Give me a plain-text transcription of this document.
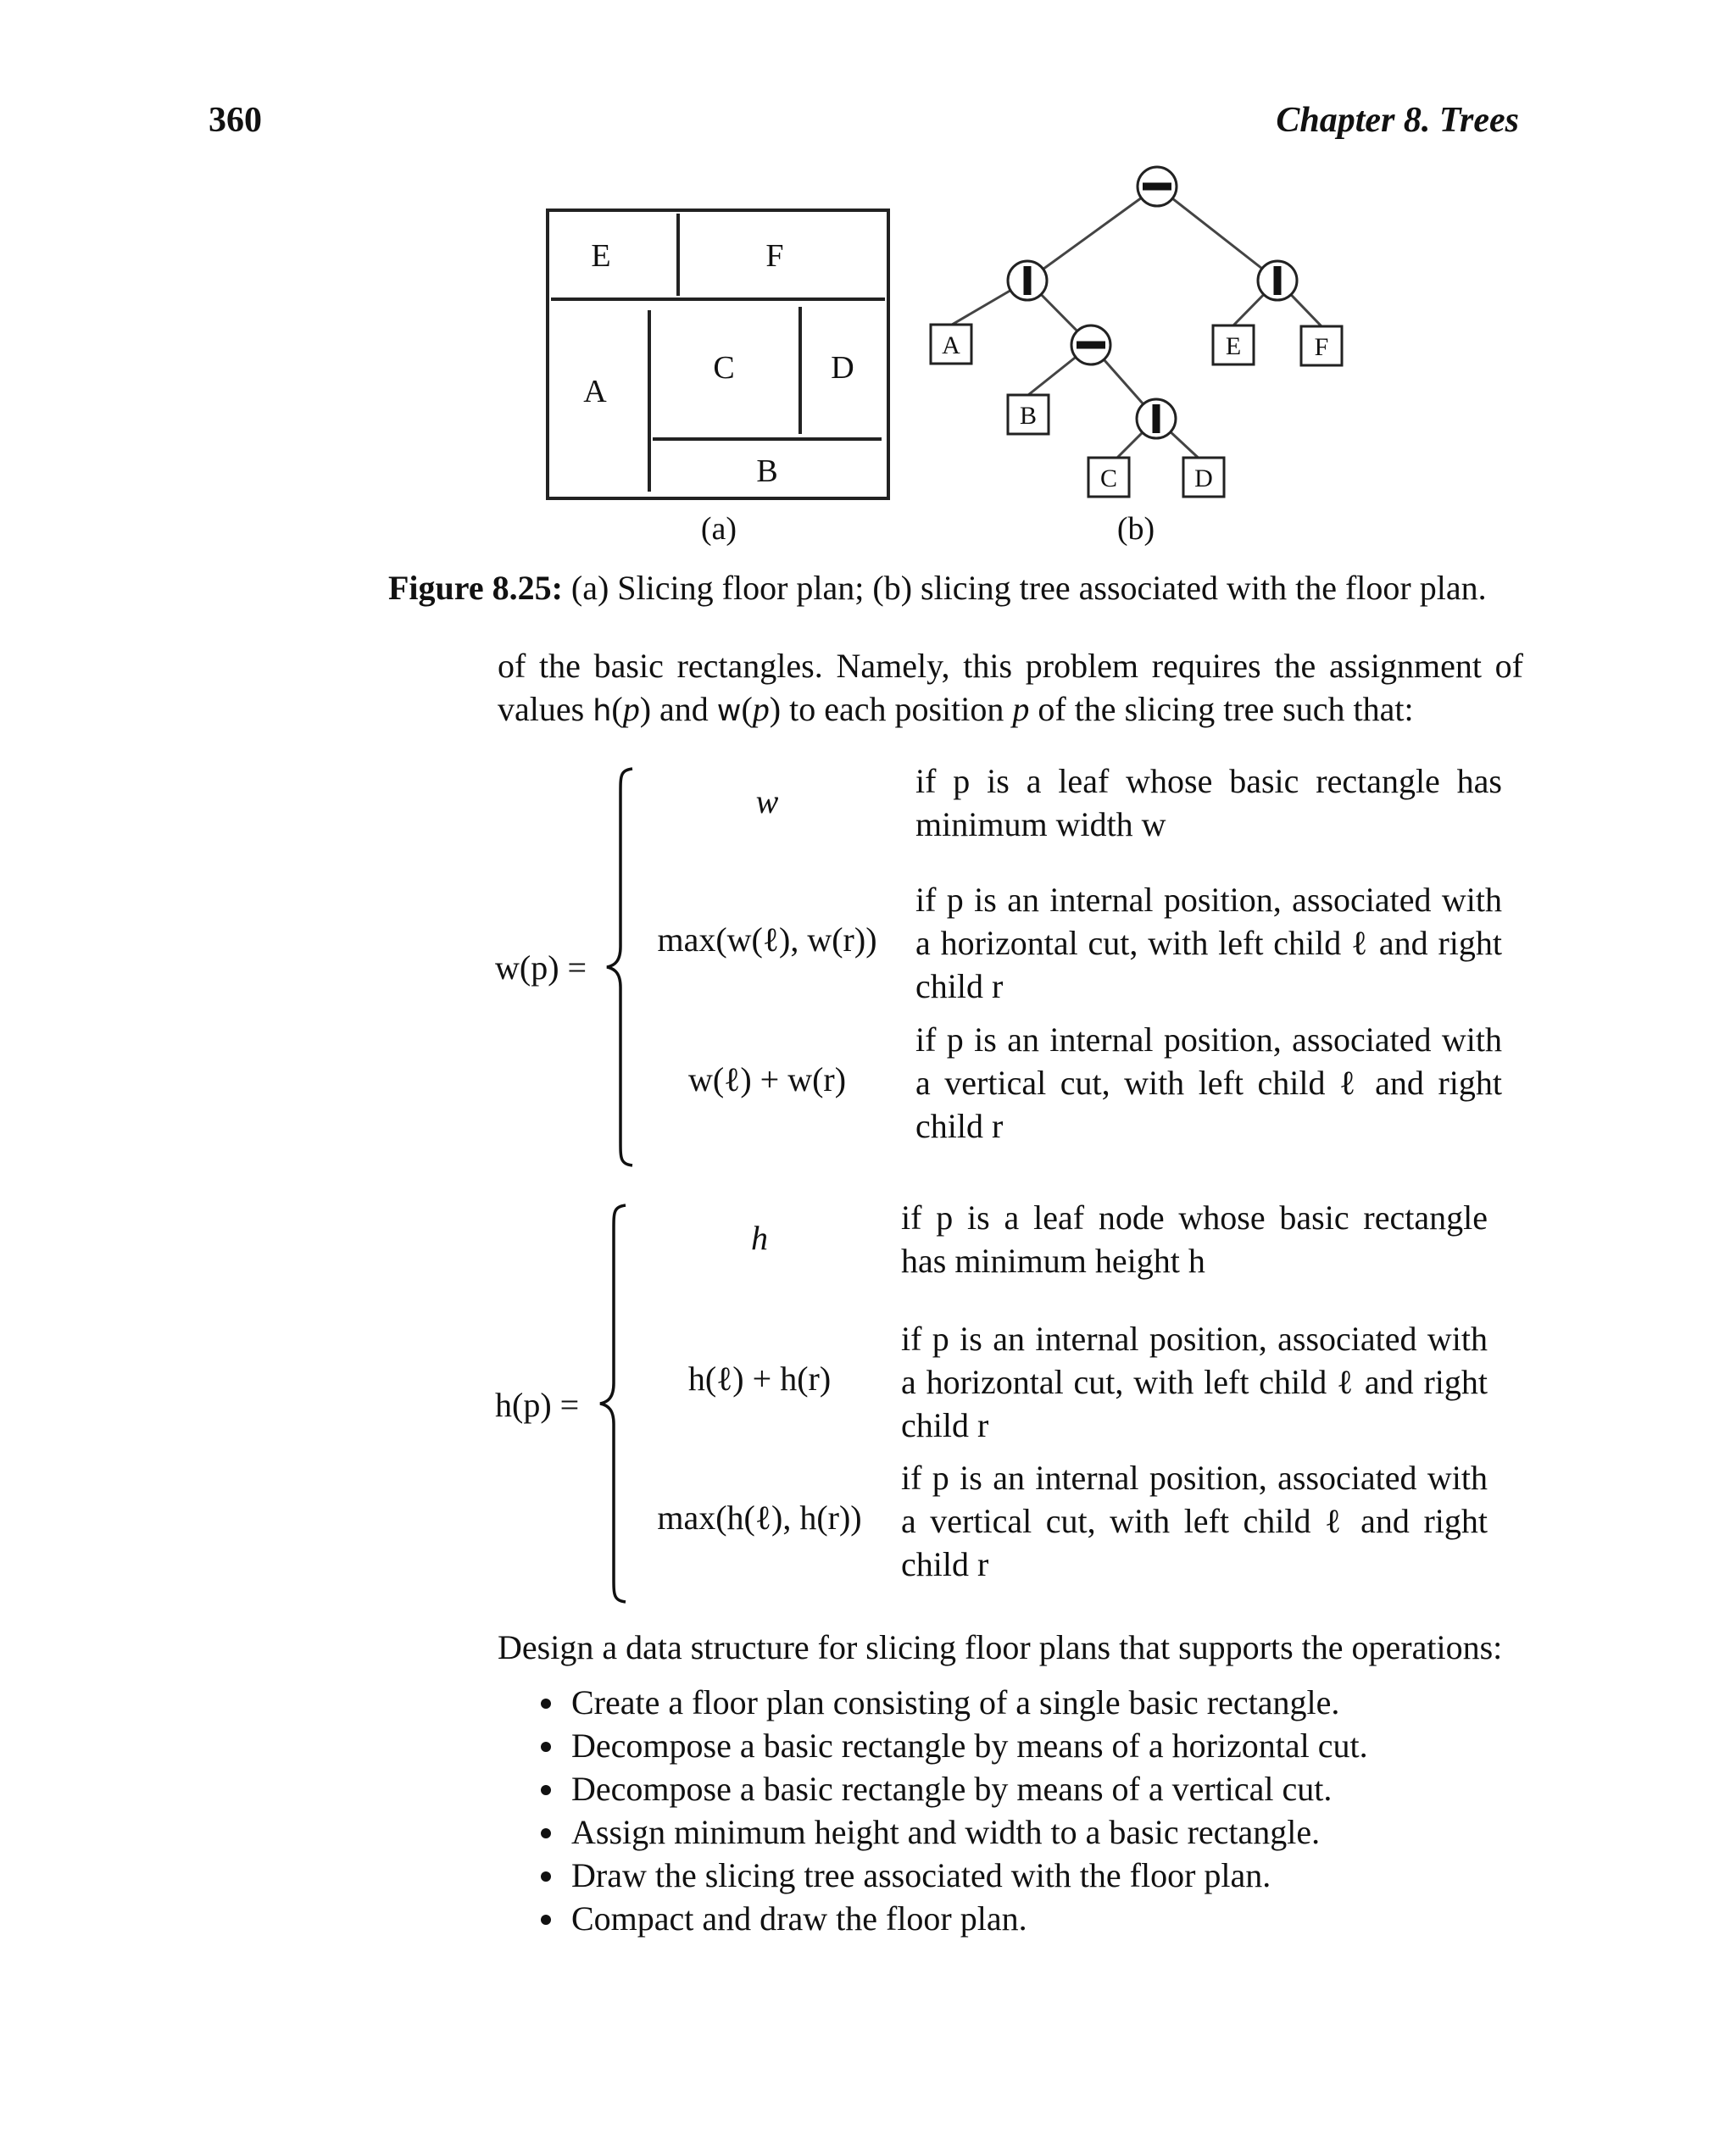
360	Chapter 8. Trees
E	F
A
C	D
B
(a)	(b)
A
B
C	D
E	F
Figure 8.25: (a) Slicing floor plan; (b) slicing tree associated with the floor plan.
of the basic rectangles. Namely, this problem requires the assignment of
values h(p) and w(p) to each position p of the slicing tree such that:
w(p) =
w
if p is a leaf whose basic rectangle has
minimum width w
max(w(ℓ), w(r))
if p is an internal position, associated with
a horizontal cut, with left child ℓ and right
child r
w(ℓ) + w(r)
if p is an internal position, associated with
a vertical cut, with left child ℓ and right
child r
h(p) =
h
if p is a leaf node whose basic rectangle
has minimum height h
h(ℓ) + h(r)
if p is an internal position, associated with
a horizontal cut, with left child ℓ and right
child r
max(h(ℓ), h(r))
if p is an internal position, associated with
a vertical cut, with left child ℓ and right
child r
Design a data structure for slicing floor plans that supports the operations:
Create a floor plan consisting of a single basic rectangle.
Decompose a basic rectangle by means of a horizontal cut.
Decompose a basic rectangle by means of a vertical cut.
Assign minimum height and width to a basic rectangle.
Draw the slicing tree associated with the floor plan.
Compact and draw the floor plan.
